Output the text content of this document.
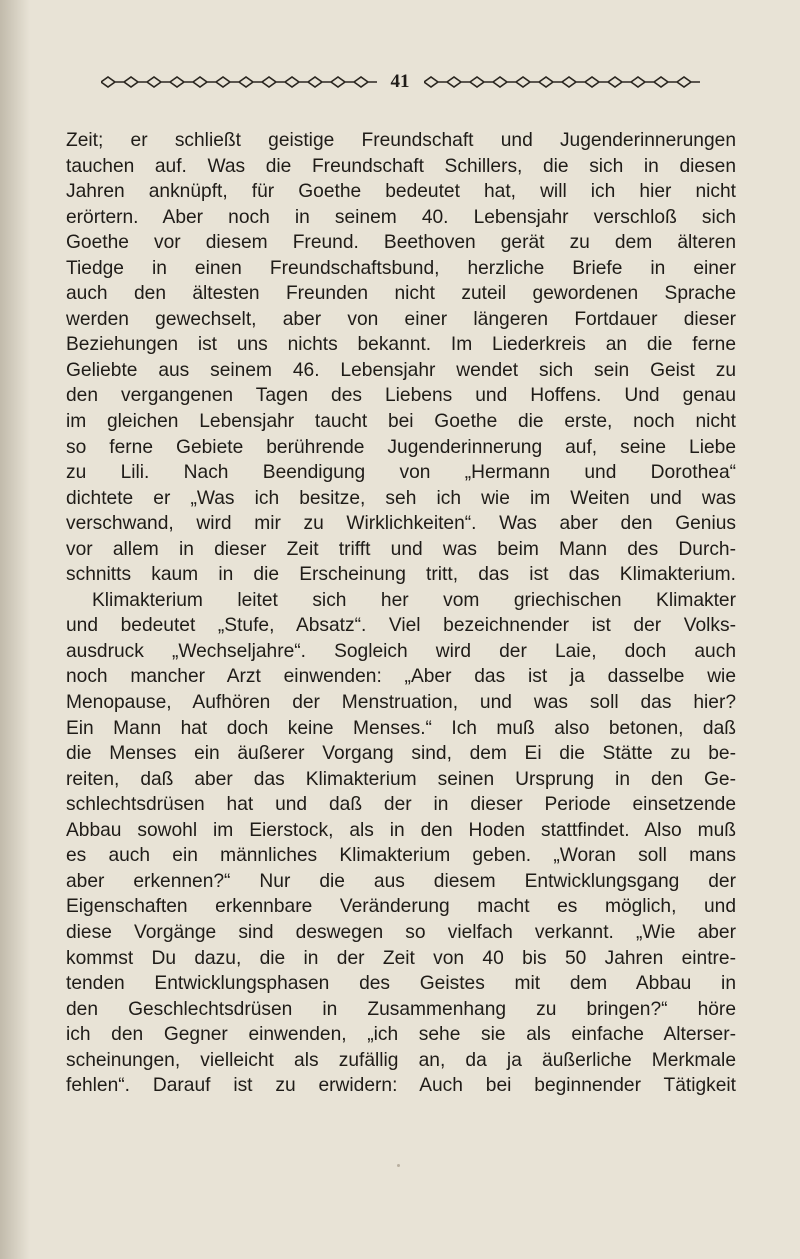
41
Zeit; er schließt geistige Freundschaft und Jugenderinnerungen
tauchen auf. Was die Freundschaft Schillers, die sich in diesen
Jahren anknüpft, für Goethe bedeutet hat, will ich hier nicht
erörtern. Aber noch in seinem 40. Lebensjahr verschloß sich
Goethe vor diesem Freund. Beethoven gerät zu dem älteren
Tiedge in einen Freundschaftsbund, herzliche Briefe in einer
auch den ältesten Freunden nicht zuteil gewordenen Sprache
werden gewechselt, aber von einer längeren Fortdauer dieser
Beziehungen ist uns nichts bekannt. Im Liederkreis an die ferne
Geliebte aus seinem 46. Lebensjahr wendet sich sein Geist zu
den vergangenen Tagen des Liebens und Hoffens. Und genau
im gleichen Lebensjahr taucht bei Goethe die erste, noch nicht
so ferne Gebiete berührende Jugenderinnerung auf, seine Liebe
zu Lili. Nach Beendigung von „Hermann und Dorothea“
dichtete er „Was ich besitze, seh ich wie im Weiten und was
verschwand, wird mir zu Wirklichkeiten“. Was aber den Genius
vor allem in dieser Zeit trifft und was beim Mann des Durch-
schnitts kaum in die Erscheinung tritt, das ist das Klimakterium.
Klimakterium leitet sich her vom griechischen Klimakter
und bedeutet „Stufe, Absatz“. Viel bezeichnender ist der Volks-
ausdruck „Wechseljahre“. Sogleich wird der Laie, doch auch
noch mancher Arzt einwenden: „Aber das ist ja dasselbe wie
Menopause, Aufhören der Menstruation, und was soll das hier?
Ein Mann hat doch keine Menses.“ Ich muß also betonen, daß
die Menses ein äußerer Vorgang sind, dem Ei die Stätte zu be-
reiten, daß aber das Klimakterium seinen Ursprung in den Ge-
schlechtsdrüsen hat und daß der in dieser Periode einsetzende
Abbau sowohl im Eierstock, als in den Hoden stattfindet. Also muß
es auch ein männliches Klimakterium geben. „Woran soll mans
aber erkennen?“ Nur die aus diesem Entwicklungsgang der
Eigenschaften erkennbare Veränderung macht es möglich, und
diese Vorgänge sind deswegen so vielfach verkannt. „Wie aber
kommst Du dazu, die in der Zeit von 40 bis 50 Jahren eintre-
tenden Entwicklungsphasen des Geistes mit dem Abbau in
den Geschlechtsdrüsen in Zusammenhang zu bringen?“ höre
ich den Gegner einwenden, „ich sehe sie als einfache Alterser-
scheinungen, vielleicht als zufällig an, da ja äußerliche Merkmale
fehlen“. Darauf ist zu erwidern: Auch bei beginnender Tätigkeit
